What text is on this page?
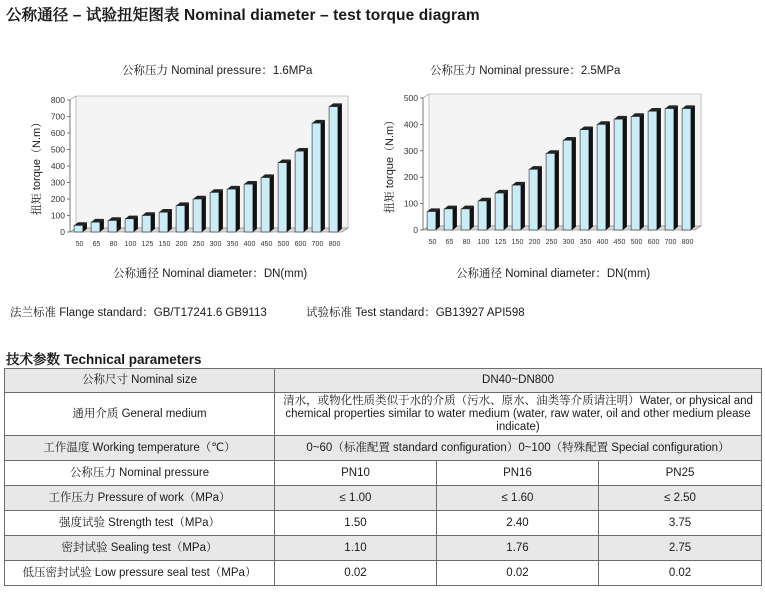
公称通径 – 试验扭矩图表 Nominal diameter – test torque diagram
公称压力 Nominal pressure：1.6MPa
扭矩 torque（N.m）
0
100
200
300
400
500
600
700
800
50 65 80 100 125 150 200 250 300 350 400 450 500 600 700 800
公称通径 Nominal diameter：DN(mm)
公称压力 Nominal pressure：2.5MPa
扭矩 torque（N.m）
0
100
200
300
400
500
50 65 80 100 125 150 200 250 300 350 400 450 500 600 700 800
公称通径 Nominal diameter：DN(mm)
法兰标准 Flange standard：GB/T17241.6 GB9113	试验标准 Test standard：GB13927 API598
技术参数 Technical parameters
公称尺寸 Nominal size	DN40~DN800		
通用介质 General medium	清水，或物化性质类似于水的介质（污水、原水、油类等介质请注明）Water, or physical and chemical properties similar to water medium (water, raw water, oil and other medium please indicate)		
工作温度 Working temperature（℃）	0~60（标准配置 standard configuration）0~100（特殊配置 Special configuration）		
公称压力 Nominal pressure	PN10	PN16	PN25
工作压力 Pressure of work（MPa）	≤ 1.00	≤ 1.60	≤ 2.50
强度试验 Strength test（MPa）	1.50	2.40	3.75
密封试验 Sealing test（MPa）	1.10	1.76	2.75
低压密封试验 Low pressure seal test（MPa）	0.02	0.02	0.02
